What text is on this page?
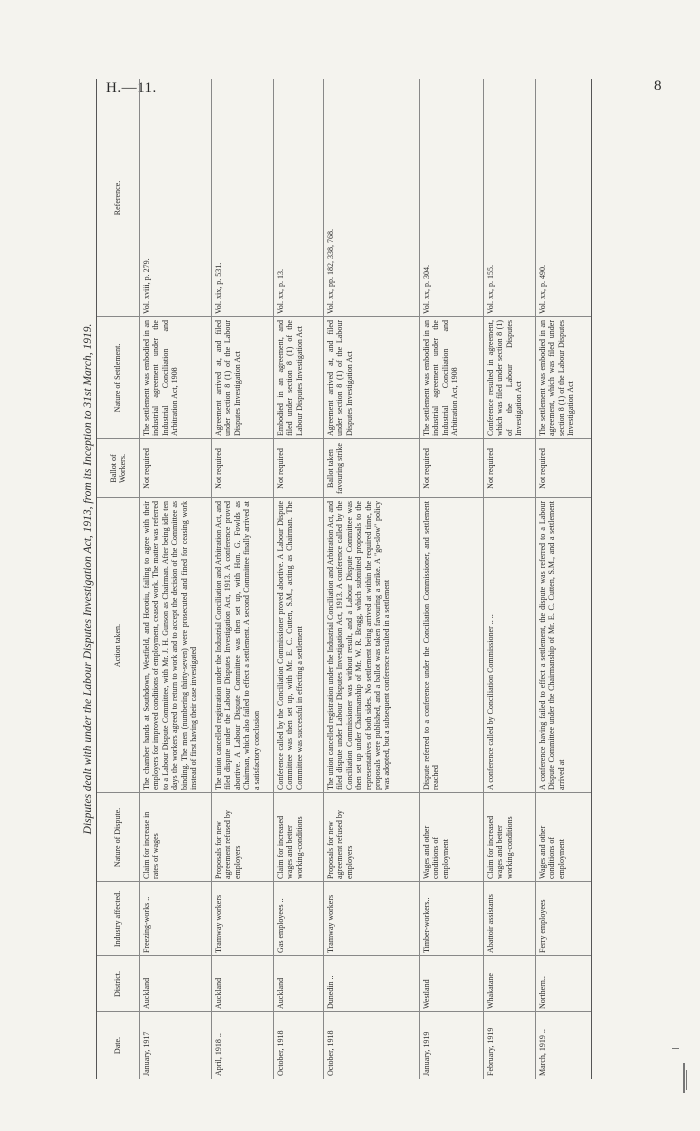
H.—11.	8
Disputes dealt with under the Labour Disputes Investigation Act, 1913, from its Inception to 31st March, 1919.
Date.
District.
Industry affected.
Nature of Dispute.
Action taken.
Ballot of Workers.
Nature of Settlement.
Reference.
January, 1917
Auckland
Freezing-works ..
Claim for increase in rates of wages
The chamber hands at Southdown, Westfield, and Horotiu, failing to agree with their employers for improved conditions of employment, ceased work. The matter was referred to a Labour Dispute Committee, with Mr. J. H. Gunson as Chairman. After being idle ten days the workers agreed to return to work and to accept the decision of the Committee as binding. The men (numbering thirty-seven) were prosecuted and fined for ceasing work instead of first having their case investigated
Not required
The settlement was embodied in an industrial agreement under the Industrial Conciliation and Arbitration Act, 1908
Vol. xviii, p. 279.
April, 1918 ..
Auckland
Tramway workers
Proposals for new agreement refused by employers
The union cancelled registration under the Industrial Conciliation and Arbitration Act, and filed dispute under the Labour Disputes Investigation Act, 1913. A conference proved abortive. A Labour Dispute Committee was then set up, with Hon. G. Fowlds as Chairman, which also failed to effect a settlement. A second Committee finally arrived at a satisfactory conclusion
Not required
Agreement arrived at, and filed under section 8 (1) of the Labour Disputes Investigation Act
Vol. xix, p. 531.
October, 1918
Auckland
Gas employees ..
Claim for increased wages and better working-conditions
Conference called by the Conciliation Commissioner proved abortive. A Labour Dispute Committee was then set up, with Mr. E. C. Cutten, S.M., acting as Chairman. The Committee was successful in effecting a settlement
Not required
Embodied in an agreement, and filed under section 8 (1) of the Labour Disputes Investigation Act
Vol. xx, p. 13.
October, 1918
Dunedin ..
Tramway workers
Proposals for new agreement refused by employers
The union cancelled registration under the Industrial Conciliation and Arbitration Act, and filed dispute under Labour Disputes Investigation Act, 1913. A conference called by the Conciliation Commissioner was without result, and a Labour Dispute Committee was then set up under Chairmanship of Mr. W. R. Bragg, which submitted proposals to the representatives of both sides. No settlement being arrived at within the required time, the proposals were published, and a ballot was taken favouring a strike. A "go-slow" policy was adopted, but a subsequent conference resulted in a settlement
Ballot taken favouring strike
Agreement arrived at, and filed under section 8 (1) of the Labour Disputes Investigation Act
Vol. xx, pp. 182, 338, 768.
January, 1919
Westland
Timber-workers..
Wages and other conditions of employment
Dispute referred to a conference under the Conciliation Commissioner, and settlement reached
Not required
The settlement was embodied in an industrial agreement under the Industrial Conciliation and Arbitration Act, 1908
Vol. xx, p. 304.
February, 1919
Whakatane
Abattoir assistants
Claim for increased wages and better working-conditions
A conference called by Conciliation Commissioner .. ..
Not required
Conference resulted in agreement, which was filed under section 8 (1) of the Labour Disputes Investigation Act
Vol. xx, p. 155.
March, 1919 ..
Northern..
Ferry employees
Wages and other conditions of employment
A conference having failed to effect a settlement, the dispute was referred to a Labour Dispute Committee under the Chairmanship of Mr. E. C. Cutten, S.M., and a settlement arrived at
Not required
The settlement was embodied in an agreement, which was filed under section 8 (1) of the Labour Disputes Investigation Act
Vol. xx, p. 490.
